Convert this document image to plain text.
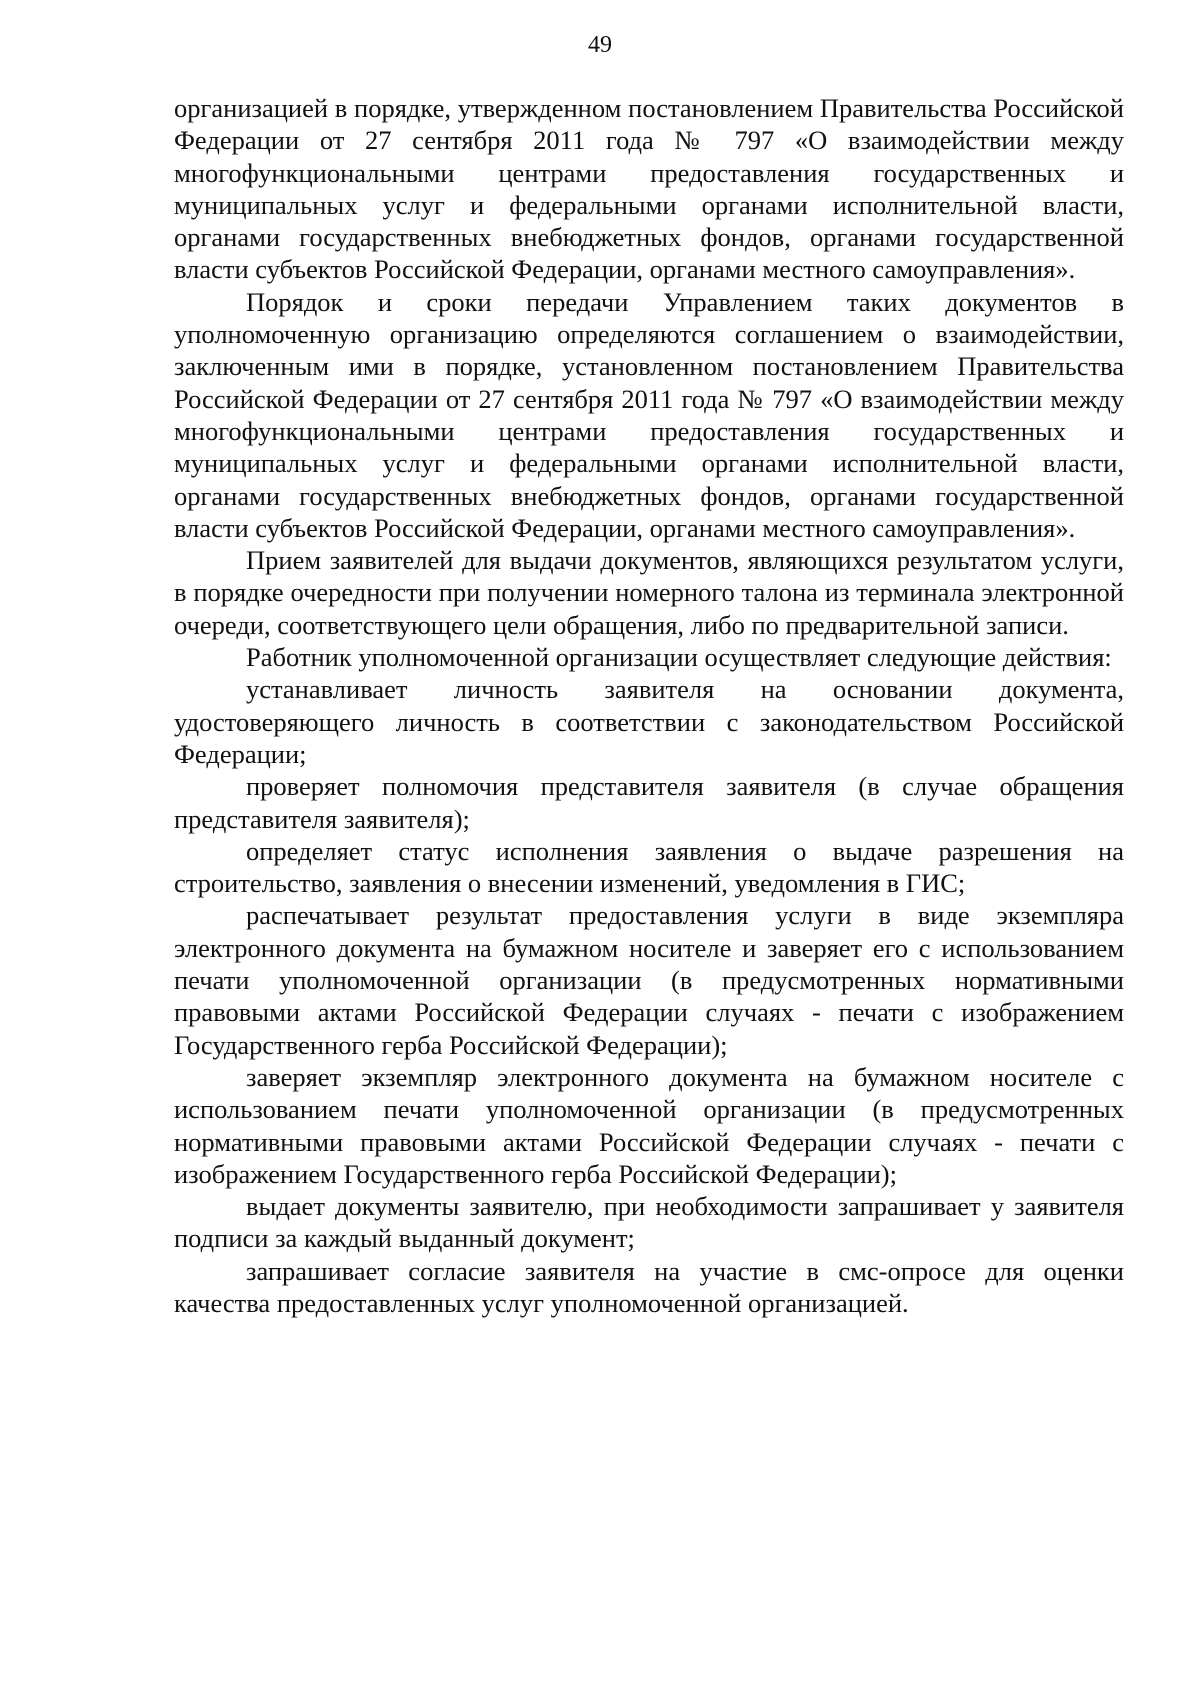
49

организацией в порядке, утвержденном постановлением Правительства Российской Федерации от 27 сентября 2011 года № 797 «О взаимодействии между многофункциональными центрами предоставления государственных и муниципальных услуг и федеральными органами исполнительной власти, органами государственных внебюджетных фондов, органами государственной власти субъектов Российской Федерации, органами местного самоуправления».

Порядок и сроки передачи Управлением таких документов в уполномоченную организацию определяются соглашением о взаимодействии, заключенным ими в порядке, установленном постановлением Правительства Российской Федерации от 27 сентября 2011 года № 797 «О взаимодействии между многофункциональными центрами предоставления государственных и муниципальных услуг и федеральными органами исполнительной власти, органами государственных внебюджетных фондов, органами государственной власти субъектов Российской Федерации, органами местного самоуправления».

Прием заявителей для выдачи документов, являющихся результатом услуги, в порядке очередности при получении номерного талона из терминала электронной очереди, соответствующего цели обращения, либо по предварительной записи.

Работник уполномоченной организации осуществляет следующие действия:

устанавливает личность заявителя на основании документа, удостоверяющего личность в соответствии с законодательством Российской Федерации;

проверяет полномочия представителя заявителя (в случае обращения представителя заявителя);

определяет статус исполнения заявления о выдаче разрешения на строительство, заявления о внесении изменений, уведомления в ГИС;

распечатывает результат предоставления услуги в виде экземпляра электронного документа на бумажном носителе и заверяет его с использованием печати уполномоченной организации (в предусмотренных нормативными правовыми актами Российской Федерации случаях - печати с изображением Государственного герба Российской Федерации);

заверяет экземпляр электронного документа на бумажном носителе с использованием печати уполномоченной организации (в предусмотренных нормативными правовыми актами Российской Федерации случаях - печати с изображением Государственного герба Российской Федерации);

выдает документы заявителю, при необходимости запрашивает у заявителя подписи за каждый выданный документ;

запрашивает согласие заявителя на участие в смс-опросе для оценки качества предоставленных услуг уполномоченной организацией.
